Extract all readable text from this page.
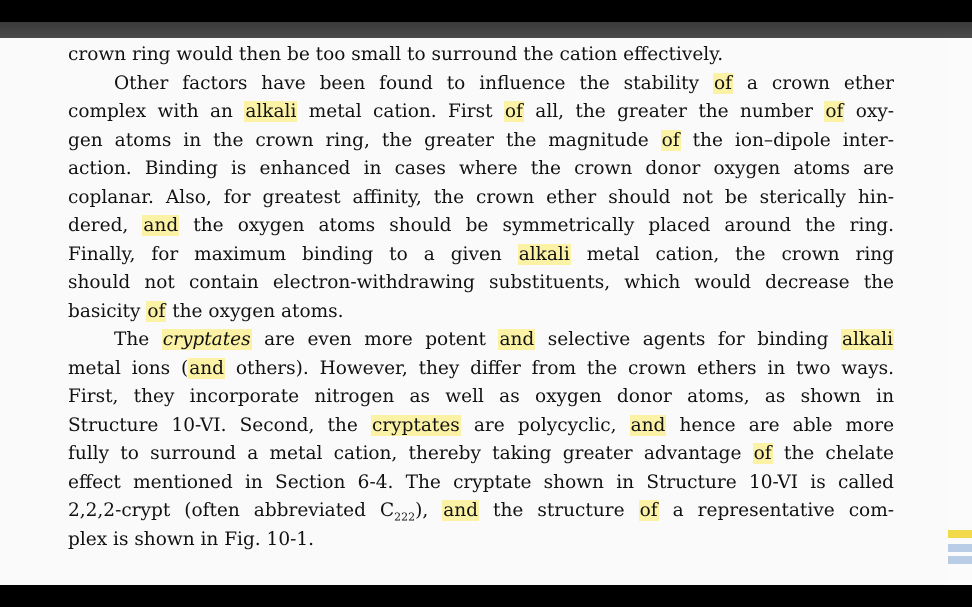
crown ring would then be too small to surround the cation effectively.
Other factors have been found to influence the stability of a crown ether
complex with an alkali metal cation. First of all, the greater the number of oxy-
gen atoms in the crown ring, the greater the magnitude of the ion–dipole inter-
action. Binding is enhanced in cases where the crown donor oxygen atoms are
coplanar. Also, for greatest affinity, the crown ether should not be sterically hin-
dered, and the oxygen atoms should be symmetrically placed around the ring.
Finally, for maximum binding to a given alkali metal cation, the crown ring
should not contain electron-withdrawing substituents, which would decrease the
basicity of the oxygen atoms.
The cryptates are even more potent and selective agents for binding alkali
metal ions (and others). However, they differ from the crown ethers in two ways.
First, they incorporate nitrogen as well as oxygen donor atoms, as shown in
Structure 10-VI. Second, the cryptates are polycyclic, and hence are able more
fully to surround a metal cation, thereby taking greater advantage of the chelate
effect mentioned in Section 6-4. The cryptate shown in Structure 10-VI is called
2,2,2-crypt (often abbreviated $C_{222}$), and the structure of a representative com-
plex is shown in Fig. 10-1.
